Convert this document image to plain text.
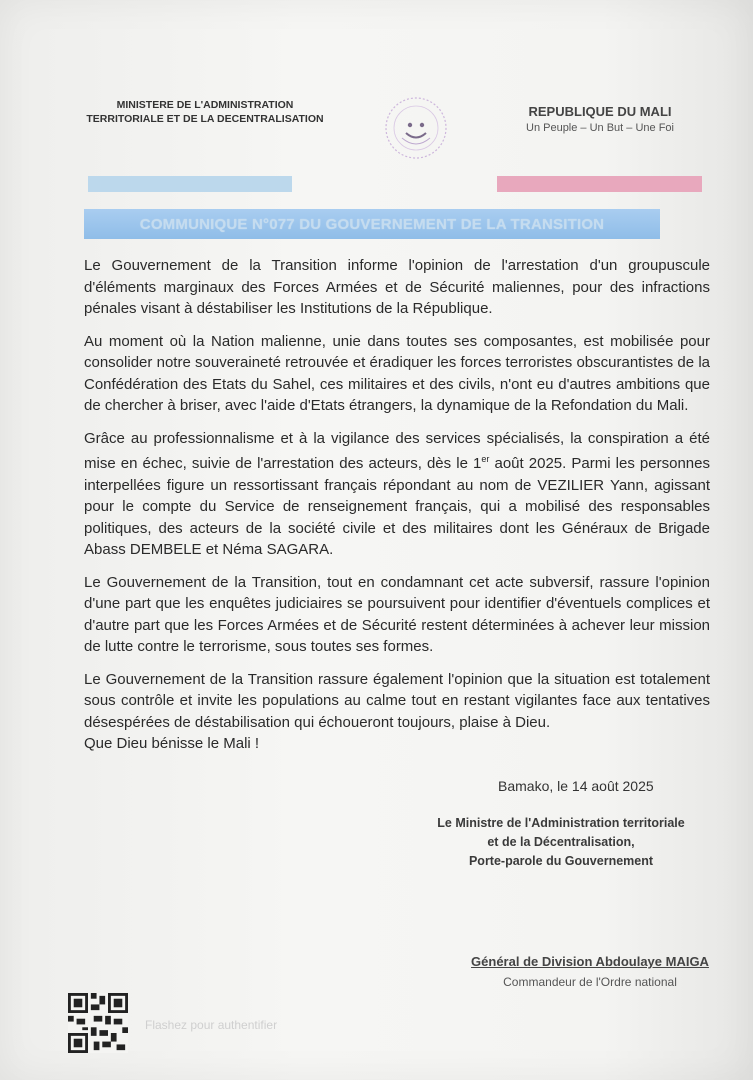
MINISTERE DE L'ADMINISTRATION
TERRITORIALE ET DE LA DECENTRALISATION	REPUBLIQUE DU MALI
Un Peuple – Un But – Une Foi
COMMUNIQUE N°077 DU GOUVERNEMENT DE LA TRANSITION

Le Gouvernement de la Transition informe l'opinion de l'arrestation d'un groupuscule d'éléments marginaux des Forces Armées et de Sécurité maliennes, pour des infractions pénales visant à déstabiliser les Institutions de la République.

Au moment où la Nation malienne, unie dans toutes ses composantes, est mobilisée pour consolider notre souveraineté retrouvée et éradiquer les forces terroristes obscurantistes de la Confédération des Etats du Sahel, ces militaires et des civils, n'ont eu d'autres ambitions que de chercher à briser, avec l'aide d'Etats étrangers, la dynamique de la Refondation du Mali.

Grâce au professionnalisme et à la vigilance des services spécialisés, la conspiration a été mise en échec, suivie de l'arrestation des acteurs, dès le 1er août 2025. Parmi les personnes interpellées figure un ressortissant français répondant au nom de VEZILIER Yann, agissant pour le compte du Service de renseignement français, qui a mobilisé des responsables politiques, des acteurs de la société civile et des militaires dont les Généraux de Brigade Abass DEMBELE et Néma SAGARA.

Le Gouvernement de la Transition, tout en condamnant cet acte subversif, rassure l'opinion d'une part que les enquêtes judiciaires se poursuivent pour identifier d'éventuels complices et d'autre part que les Forces Armées et de Sécurité restent déterminées à achever leur mission de lutte contre le terrorisme, sous toutes ses formes.

Le Gouvernement de la Transition rassure également l'opinion que la situation est totalement sous contrôle et invite les populations au calme tout en restant vigilantes face aux tentatives désespérées de déstabilisation qui échoueront toujours, plaise à Dieu.

Que Dieu bénisse le Mali !
Bamako, le 14 août 2025
Le Ministre de l'Administration territoriale
et de la Décentralisation,
Porte-parole du Gouvernement
Général de Division Abdoulaye MAIGA
Commandeur de l'Ordre national
Flashez pour authentifier
